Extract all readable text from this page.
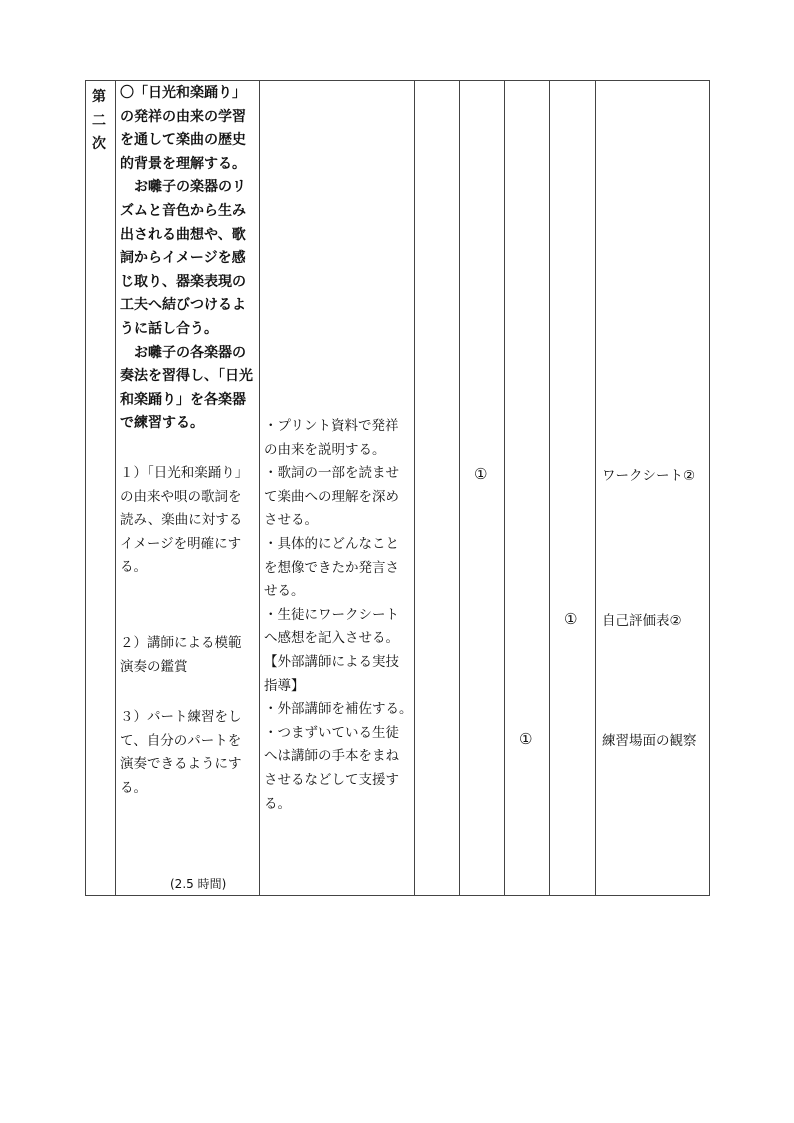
第
二
次
〇「日光和楽踊り」
の発祥の由来の学習
を通して楽曲の歴史
的背景を理解する。
お囃子の楽器のリ
ズムと音色から生み
出される曲想や、歌
詞からイメージを感
じ取り、器楽表現の
工夫へ結びつけるよ
うに話し合う。
お囃子の各楽器の
奏法を習得し、「日光
和楽踊り」を各楽器
で練習する。
１）「日光和楽踊り」
の由来や唄の歌詞を
読み、楽曲に対する
イメージを明確にす
る。
２）講師による模範
演奏の鑑賞
３）パート練習をし
て、自分のパートを
演奏できるようにす
る。
(2.5 時間)
・プリント資料で発祥
の由来を説明する。
・歌詞の一部を読ませ
て楽曲への理解を深め
させる。
・具体的にどんなこと
を想像できたか発言さ
せる。
・生徒にワークシート
へ感想を記入させる。
【外部講師による実技
指導】
・外部講師を補佐する。
・つまずいている生徒
へは講師の手本をまね
させるなどして支援す
る。
①
①
①
ワークシート②
自己評価表②
練習場面の観察
